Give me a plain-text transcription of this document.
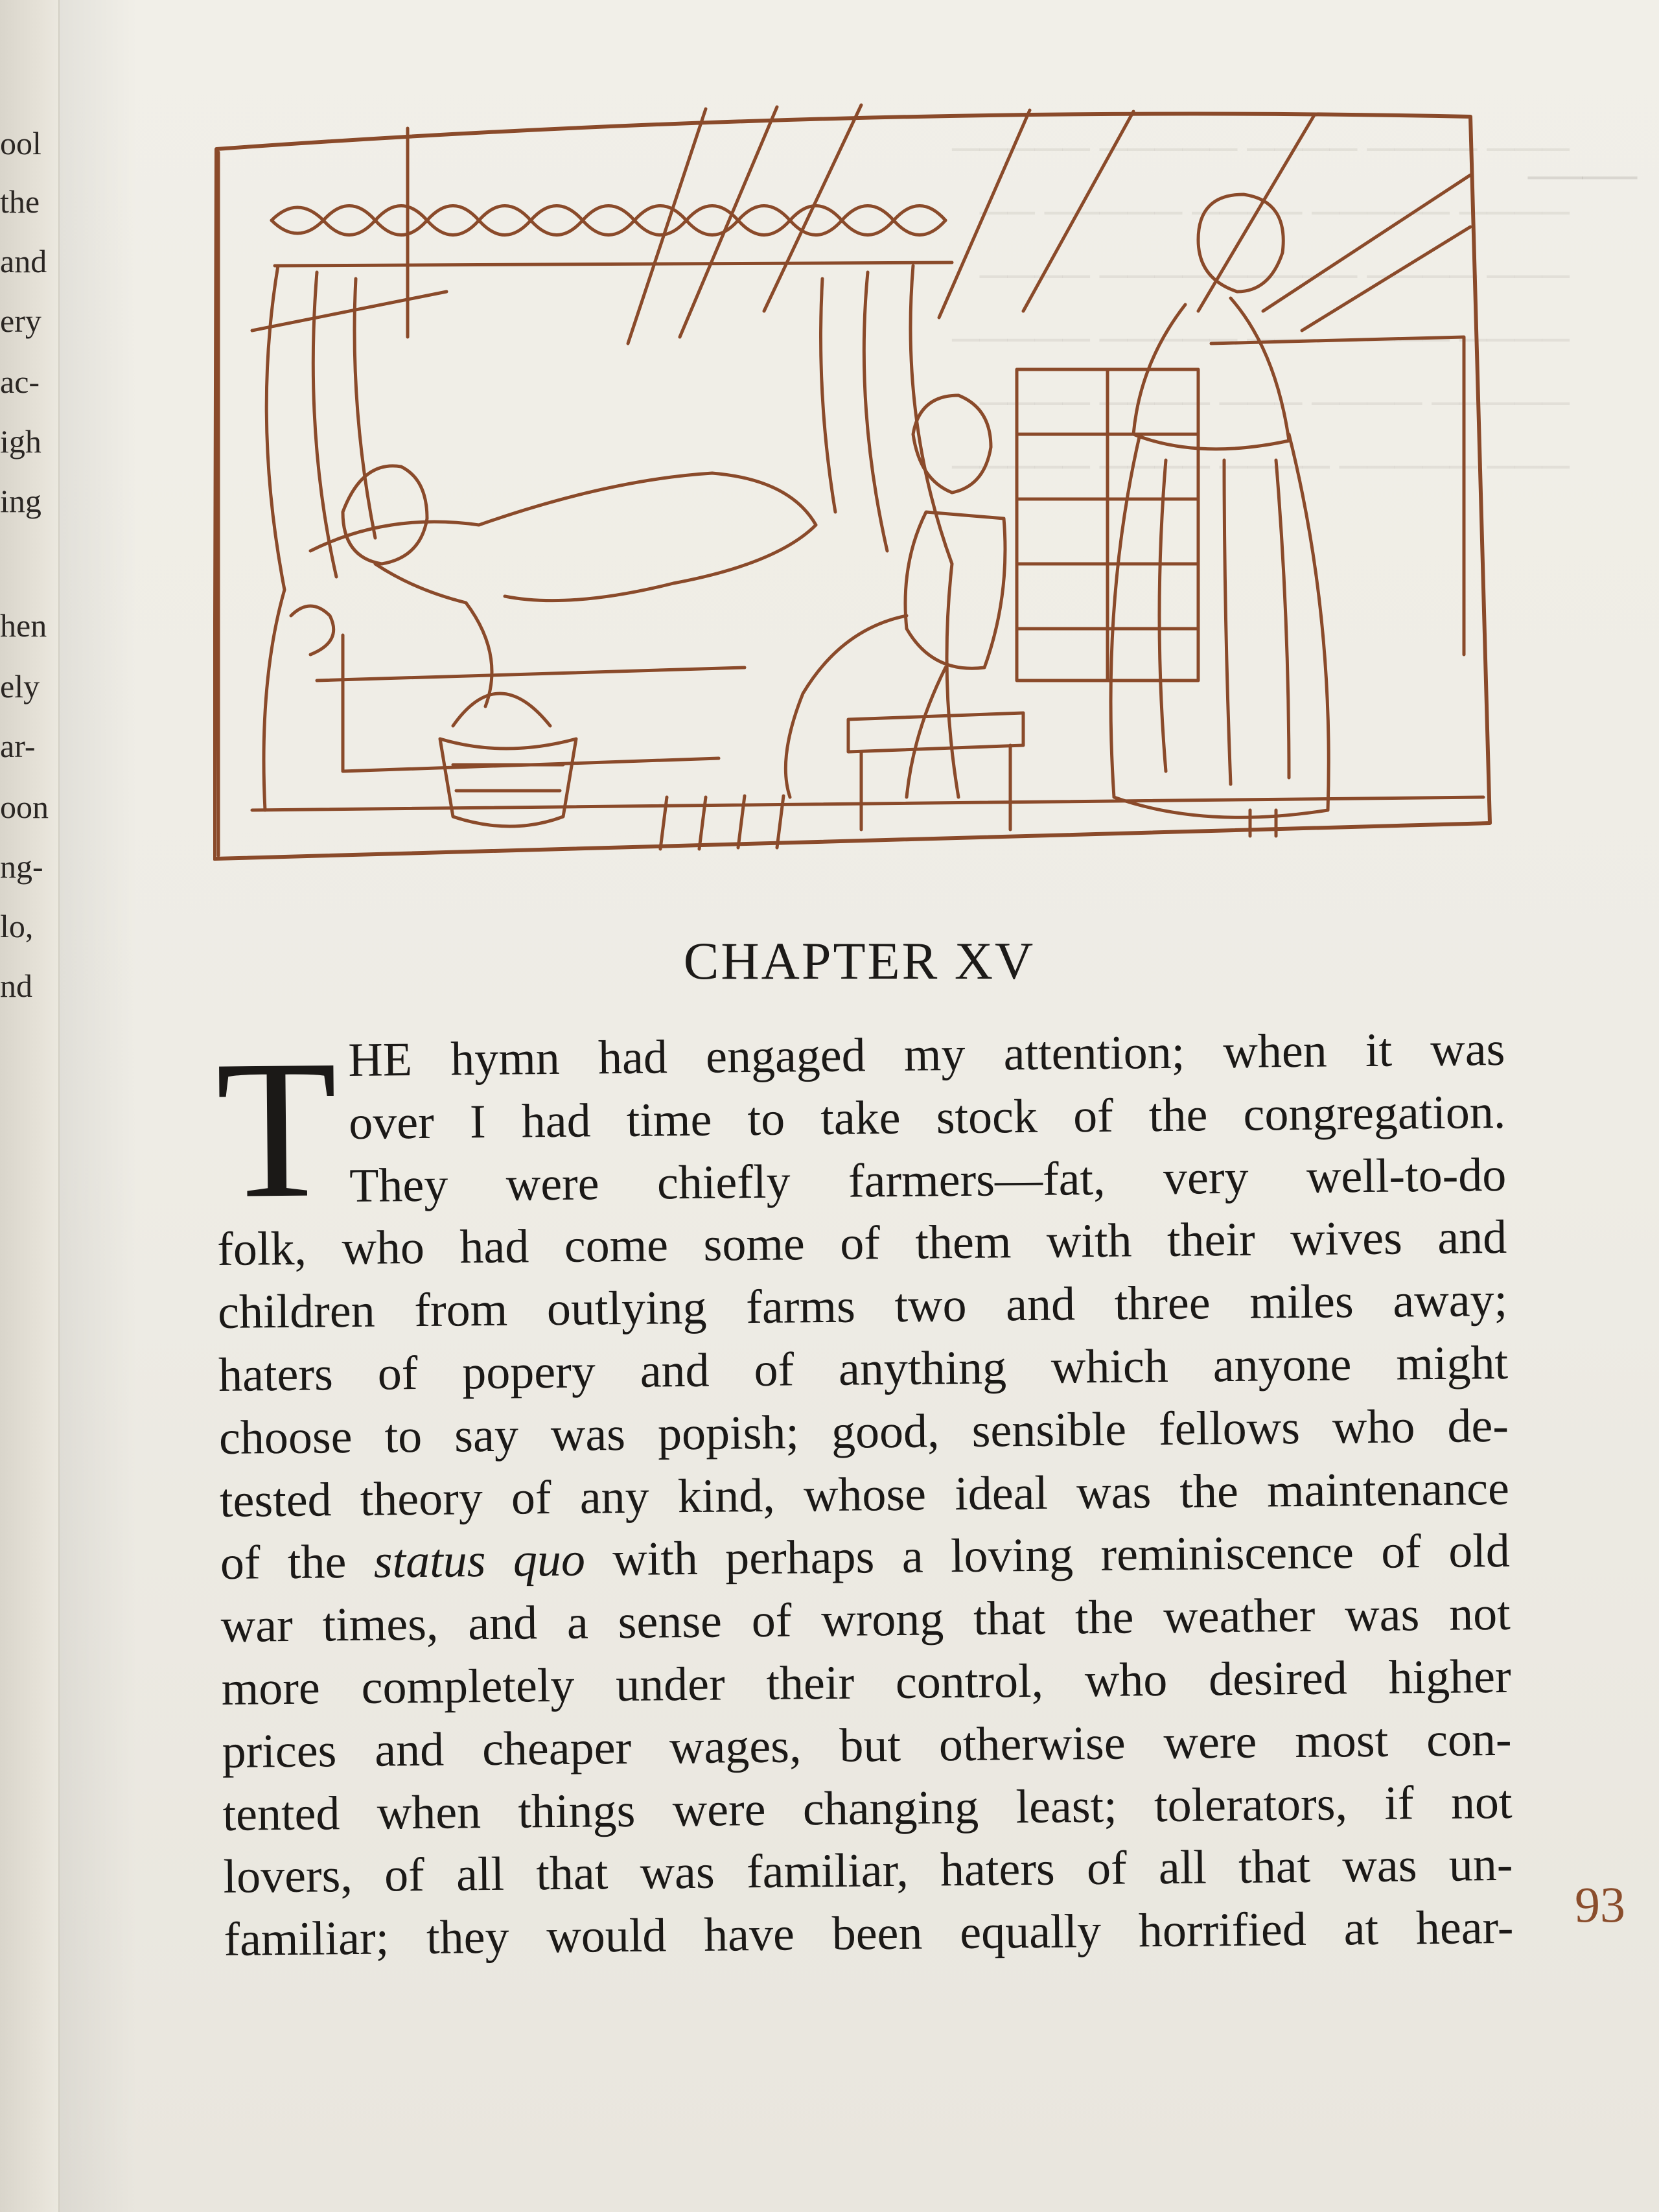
ool
the
and
ery
ac-
igh
ing
hen
ely
ar-
oon
ng-
lo,
nd
─── ──── ──── ───── ─────
──── ───── ──── ───── ──
─── ──── ───── ──── ────
──── ─── ──── ───── ─────
───── ──── ─── ──── ────
─── ───── ──── ──── ─────
——
CHAPTER XV
T HE hymn had engaged my attention; when it was
over I had time to take stock of the congregation.
They were chiefly farmers—fat, very well-to-do
folk, who had come some of them with their wives and
children from outlying farms two and three miles away;
haters of popery and of anything which anyone might
choose to say was popish; good, sensible fellows who de-
tested theory of any kind, whose ideal was the maintenance
of the status quo with perhaps a loving reminiscence of old
war times, and a sense of wrong that the weather was not
more completely under their control, who desired higher
prices and cheaper wages, but otherwise were most con-
tented when things were changing least; tolerators, if not
lovers, of all that was familiar, haters of all that was un-
familiar; they would have been equally horrified at hear- 93
